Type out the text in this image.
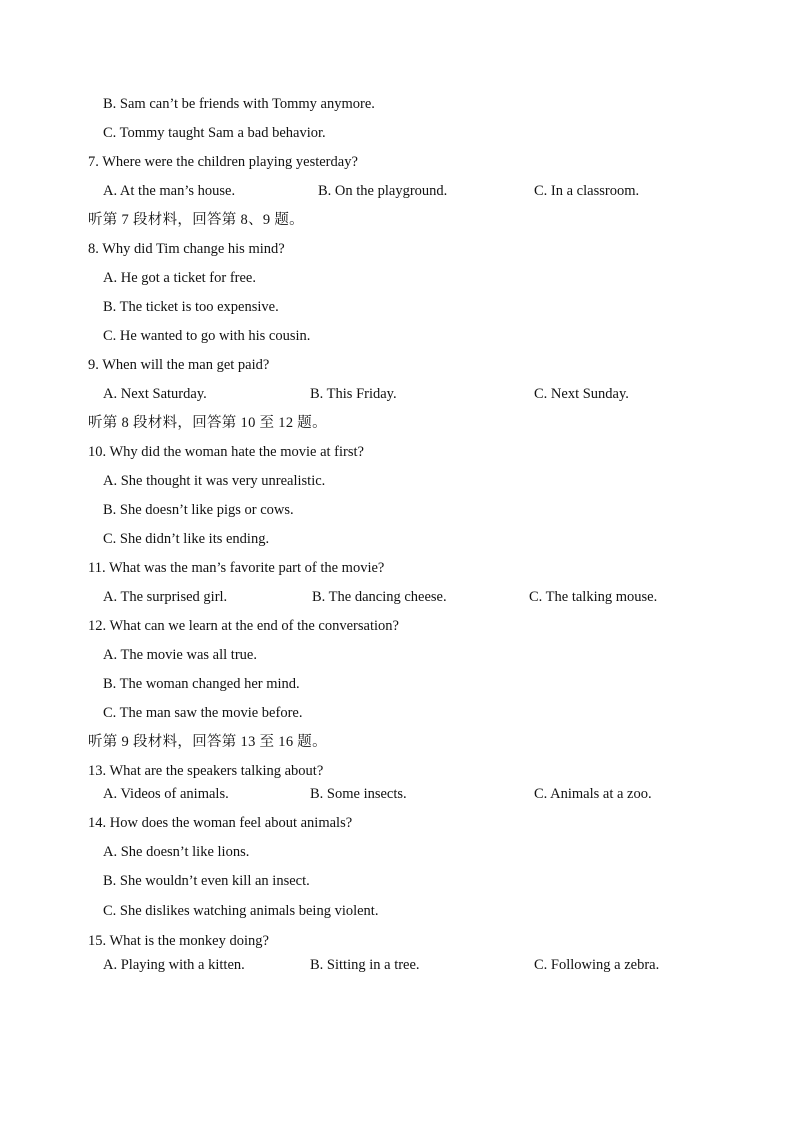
B. Sam can’t be friends with Tommy anymore.
C. Tommy taught Sam a bad behavior.
7. Where were the children playing yesterday?
A. At the man’s house.	B. On the playground.	C. In a classroom.
听第 7 段材料，回答第 8、9 题。
8. Why did Tim change his mind?
A. He got a ticket for free.
B. The ticket is too expensive.
C. He wanted to go with his cousin.
9. When will the man get paid?
A. Next Saturday.	B. This Friday.	C. Next Sunday.
听第 8 段材料，回答第 10 至 12 题。
10. Why did the woman hate the movie at first?
A. She thought it was very unrealistic.
B. She doesn’t like pigs or cows.
C. She didn’t like its ending.
11. What was the man’s favorite part of the movie?
A. The surprised girl.	B. The dancing cheese.	C. The talking mouse.
12. What can we learn at the end of the conversation?
A. The movie was all true.
B. The woman changed her mind.
C. The man saw the movie before.
听第 9 段材料，回答第 13 至 16 题。
13. What are the speakers talking about?
A. Videos of animals.	B. Some insects.	C. Animals at a zoo.
14. How does the woman feel about animals?
A. She doesn’t like lions.
B. She wouldn’t even kill an insect.
C. She dislikes watching animals being violent.
15. What is the monkey doing?
A. Playing with a kitten.	B. Sitting in a tree.	C. Following a zebra.
